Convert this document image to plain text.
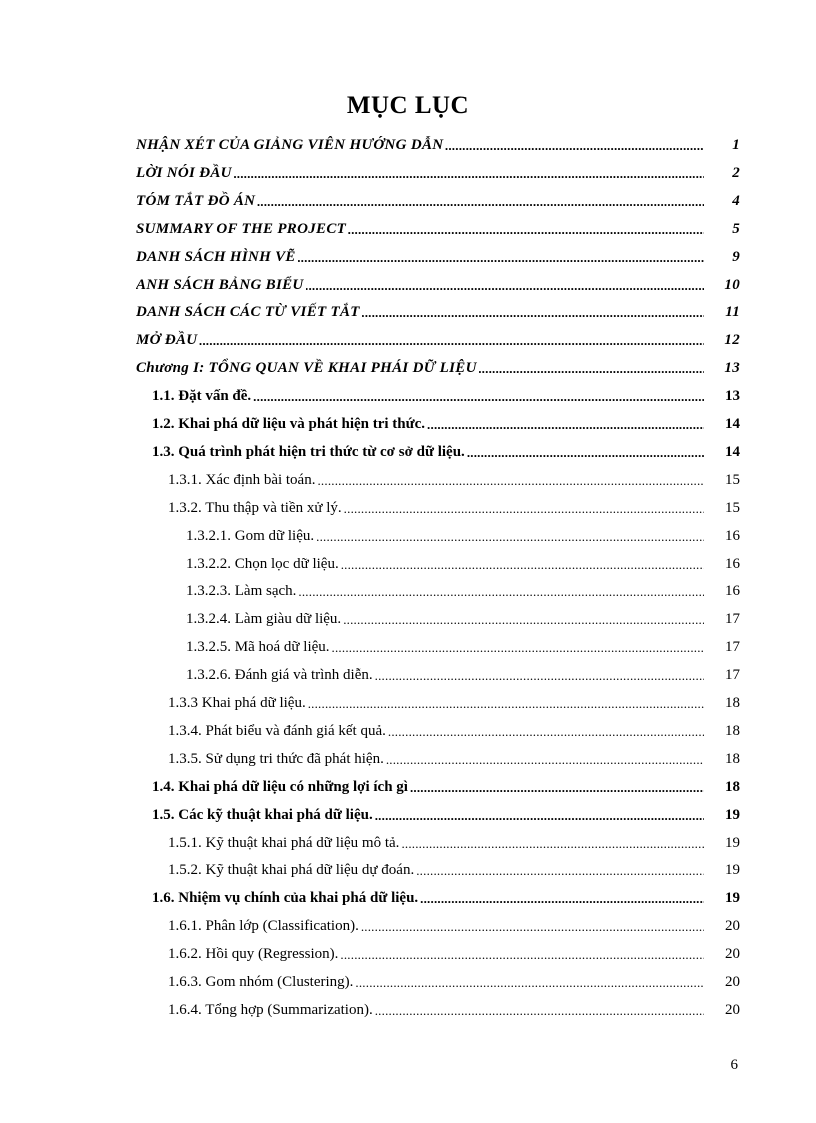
MỤC LỤC
NHẬN XÉT CỦA GIẢNG VIÊN HƯỚNG DẪN .....	1
LỜI NÓI ĐẦU .....	2
TÓM TẮT ĐỒ ÁN .....	4
SUMMARY OF THE PROJECT .....	5
DANH SÁCH HÌNH VẼ .....	9
ANH SÁCH BẢNG BIỂU .....	10
DANH SÁCH CÁC TỪ VIẾT TẮT .....	11
MỞ ĐẦU .....	12
Chương I: TỔNG QUAN VỀ KHAI PHÁI DỮ LIỆU .....	13
1.1. Đặt vấn đề. .....	13
1.2. Khai phá dữ liệu và phát hiện tri thức. .....	14
1.3. Quá trình phát hiện tri thức từ cơ sở dữ liệu. .....	14
1.3.1. Xác định bài toán. .....	15
1.3.2. Thu thập và tiền xử lý. .....	15
1.3.2.1. Gom dữ liệu. .....	16
1.3.2.2. Chọn lọc dữ liệu. .....	16
1.3.2.3. Làm sạch. .....	16
1.3.2.4. Làm giàu dữ liệu. .....	17
1.3.2.5. Mã hoá dữ liệu. .....	17
1.3.2.6. Đánh giá và trình diễn. .....	17
1.3.3 Khai phá dữ liệu. .....	18
1.3.4. Phát biểu và đánh giá kết quả. .....	18
1.3.5. Sử dụng tri thức đã phát hiện. .....	18
1.4. Khai phá dữ liệu có những lợi ích gì .....	18
1.5. Các kỹ thuật khai phá dữ liệu. .....	19
1.5.1. Kỹ thuật khai phá dữ liệu mô tả. .....	19
1.5.2. Kỹ thuật khai phá dữ liệu dự đoán. .....	19
1.6. Nhiệm vụ chính của khai phá dữ liệu. .....	19
1.6.1. Phân lớp (Classification). .....	20
1.6.2. Hồi quy (Regression). .....	20
1.6.3. Gom nhóm (Clustering). .....	20
1.6.4. Tổng hợp (Summarization). .....	20
6
